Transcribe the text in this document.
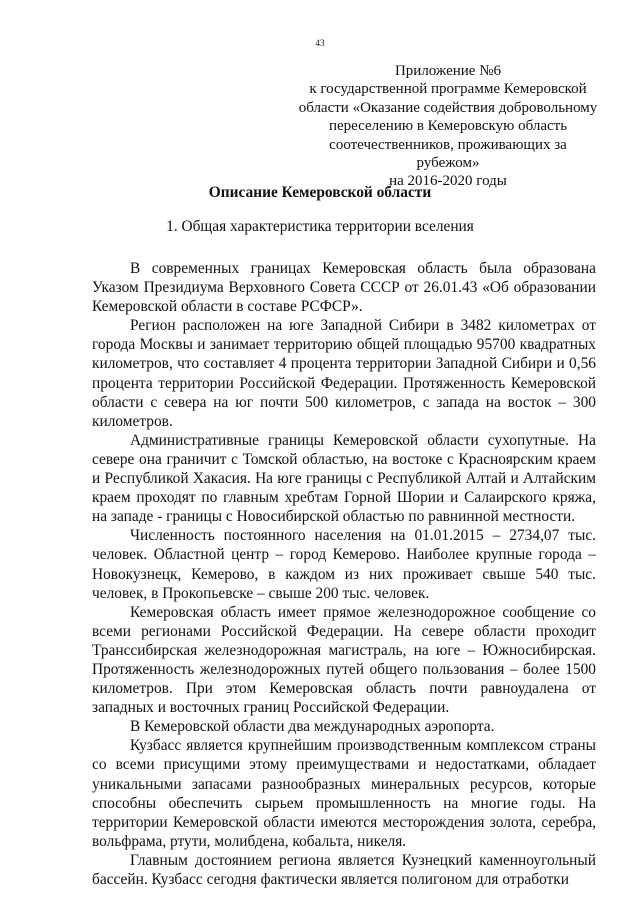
43
Приложение №6
к государственной программе Кемеровской
области «Оказание содействия добровольному
переселению в Кемеровскую область
соотечественников, проживающих за рубежом»
на 2016-2020 годы
Описание Кемеровской области
1. Общая характеристика территории вселения

В современных границах Кемеровская область была образована Указом Президиума Верховного Совета СССР от 26.01.43 «Об образовании Кемеровской области в составе РСФСР».

Регион расположен на юге Западной Сибири в 3482 километрах от города Москвы и занимает территорию общей площадью 95700 квадратных километров, что составляет 4 процента территории Западной Сибири и 0,56 процента территории Российской Федерации. Протяженность Кемеровской области с севера на юг почти 500 километров, с запада на восток – 300 километров.

Административные границы Кемеровской области сухопутные. На севере она граничит с Томской областью, на востоке с Красноярским краем и Республикой Хакасия. На юге границы с Республикой Алтай и Алтайским краем проходят по главным хребтам Горной Шории и Салаирского кряжа, на западе - границы с Новосибирской областью по равнинной местности.

Численность постоянного населения на 01.01.2015 – 2734,07 тыс. человек. Областной центр – город Кемерово. Наиболее крупные города – Новокузнецк, Кемерово, в каждом из них проживает свыше 540 тыс. человек, в Прокопьевске – свыше 200 тыс. человек.

Кемеровская область имеет прямое железнодорожное сообщение со всеми регионами Российской Федерации. На севере области проходит Транссибирская железнодорожная магистраль, на юге – Южносибирская. Протяженность железнодорожных путей общего пользования – более 1500 километров. При этом Кемеровская область почти равноудалена от западных и восточных границ Российской Федерации.

В Кемеровской области два международных аэропорта.

Кузбасс является крупнейшим производственным комплексом страны со всеми присущими этому преимуществами и недостатками, обладает уникальными запасами разнообразных минеральных ресурсов, которые способны обеспечить сырьем промышленность на многие годы. На территории Кемеровской области имеются месторождения золота, серебра, вольфрама, ртути, молибдена, кобальта, никеля.

Главным достоянием региона является Кузнецкий каменноугольный бассейн. Кузбасс сегодня фактически является полигоном для отработки
